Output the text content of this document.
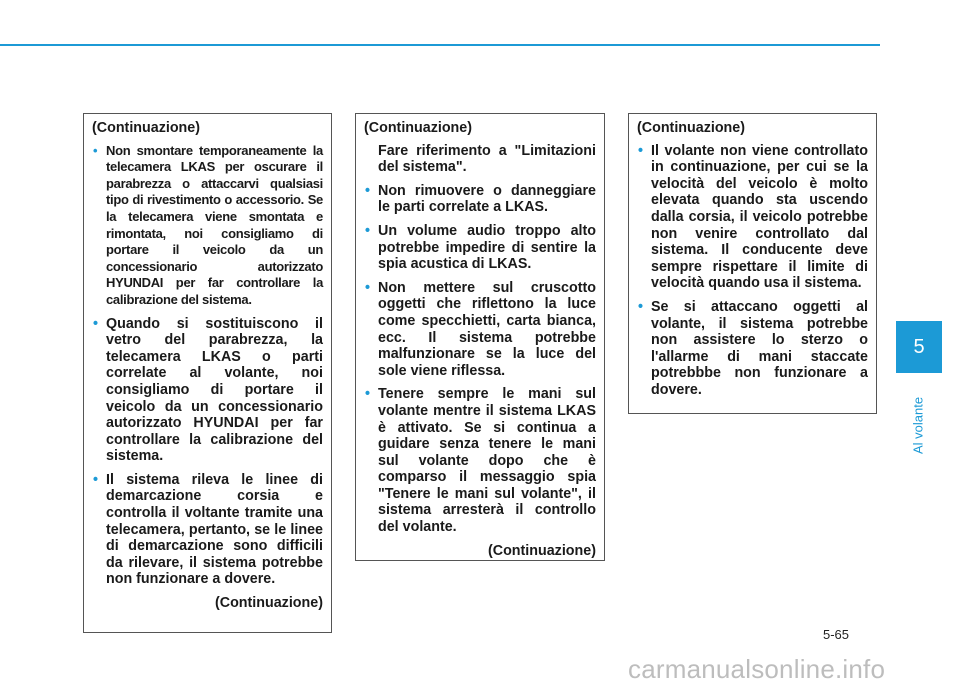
5
Al volante

(Continuazione)

• Non smontare temporaneamente la telecamera LKAS per oscurare il parabrezza o attaccarvi qualsiasi tipo di rivestimento o accessorio. Se la telecamera viene smontata e rimontata, noi consigliamo di portare il veicolo da un concessionario autorizzato HYUNDAI per far controllare la calibrazione del sistema.

• Quando si sostituiscono il vetro del parabrezza, la telecamera LKAS o parti correlate al volante, noi consigliamo di portare il veicolo da un concessionario autorizzato HYUNDAI per far controllare la calibrazione del sistema.

• Il sistema rileva le linee di demarcazione corsia e controlla il voltante tramite una telecamera, pertanto, se le linee di demarcazione sono difficili da rilevare, il sistema potrebbe non funzionare a dovere.

(Continuazione)

(Continuazione)

Fare riferimento a "Limitazioni del sistema".

• Non rimuovere o danneggiare le parti correlate a LKAS.

• Un volume audio troppo alto potrebbe impedire di sentire la spia acustica di LKAS.

• Non mettere sul cruscotto oggetti che riflettono la luce come specchietti, carta bianca, ecc. Il sistema potrebbe malfunzionare se la luce del sole viene riflessa.

• Tenere sempre le mani sul volante mentre il sistema LKAS è attivato. Se si continua a guidare senza tenere le mani sul volante dopo che è comparso il messaggio spia "Tenere le mani sul volante", il sistema arresterà il controllo del volante.

(Continuazione)

(Continuazione)

• Il volante non viene controllato in continuazione, per cui se la velocità del veicolo è molto elevata quando sta uscendo dalla corsia, il veicolo potrebbe non venire controllato dal sistema. Il conducente deve sempre rispettare il limite di velocità quando usa il sistema.

• Se si attaccano oggetti al volante, il sistema potrebbe non assistere lo sterzo o l'allarme di mani staccate potrebbbe non funzionare a dovere.

5-65
carmanualsonline.info
